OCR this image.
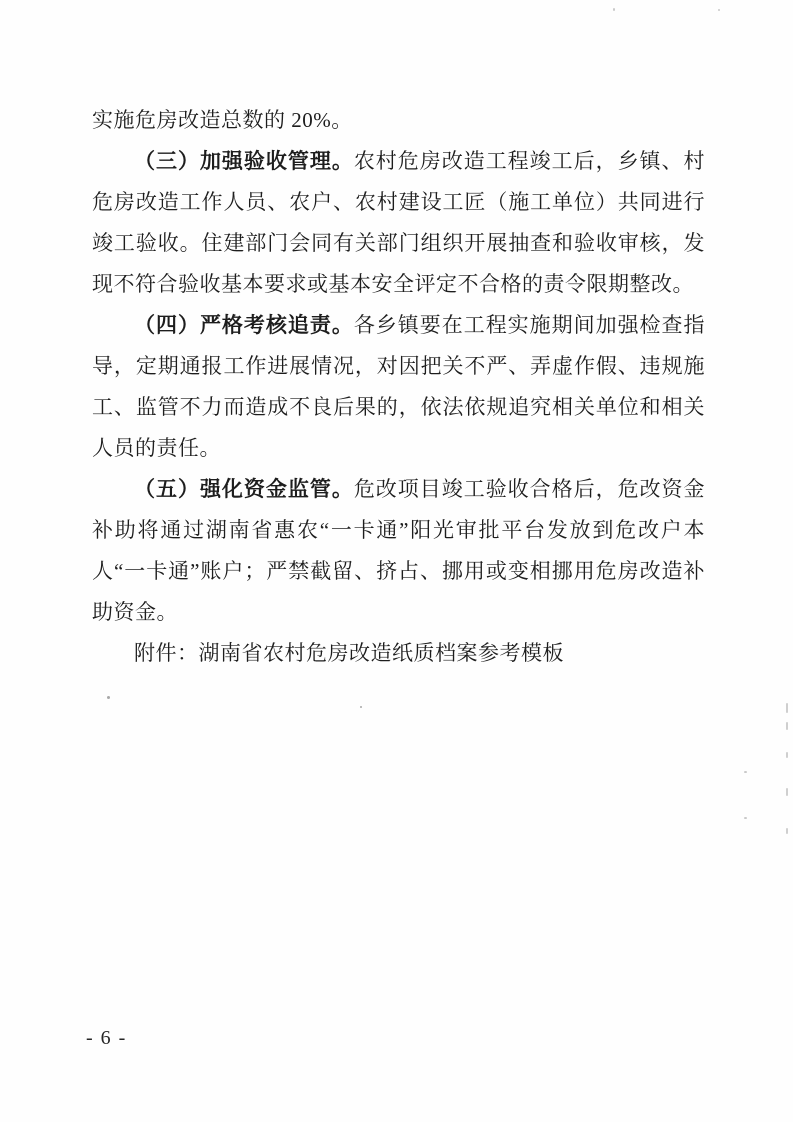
实施危房改造总数的 20%。

（三）加强验收管理。农村危房改造工程竣工后，乡镇、村危房改造工作人员、农户、农村建设工匠（施工单位）共同进行竣工验收。住建部门会同有关部门组织开展抽查和验收审核，发现不符合验收基本要求或基本安全评定不合格的责令限期整改。

（四）严格考核追责。各乡镇要在工程实施期间加强检查指导，定期通报工作进展情况，对因把关不严、弄虚作假、违规施工、监管不力而造成不良后果的，依法依规追究相关单位和相关人员的责任。

（五）强化资金监管。危改项目竣工验收合格后，危改资金补助将通过湖南省惠农“一卡通”阳光审批平台发放到危改户本人“一卡通”账户；严禁截留、挤占、挪用或变相挪用危房改造补助资金。

附件：湖南省农村危房改造纸质档案参考模板

- 6 -
